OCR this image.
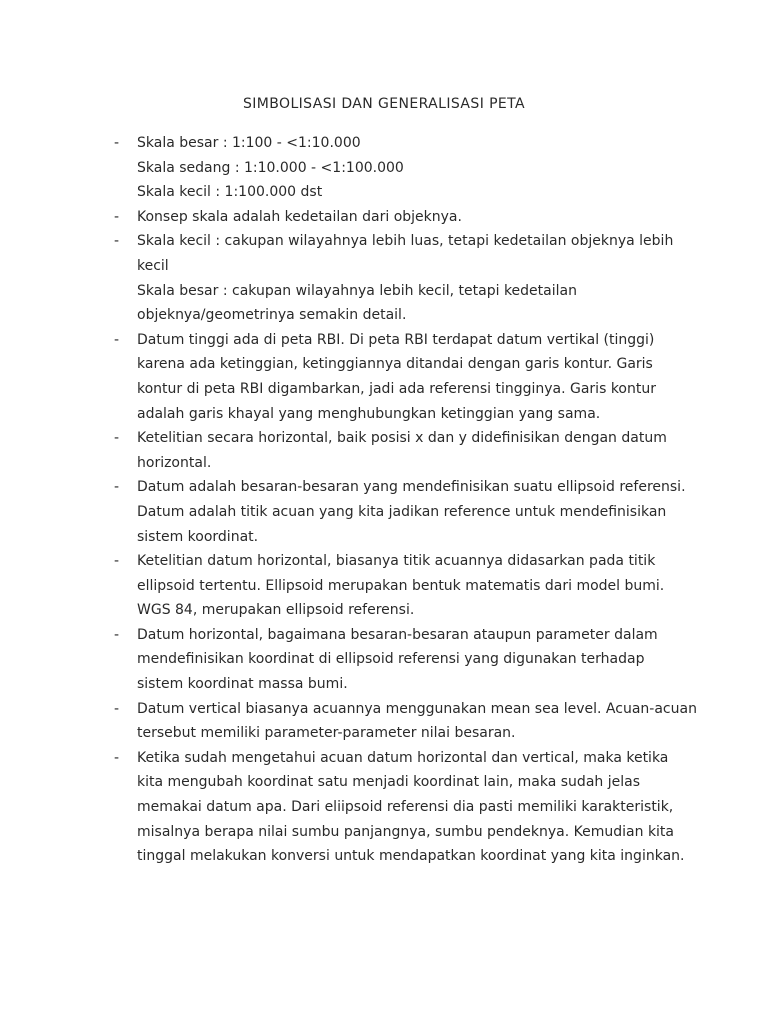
SIMBOLISASI DAN GENERALISASI PETA
- Skala besar : 1:100 - <1:10.000
Skala sedang : 1:10.000 - <1:100.000
Skala kecil : 1:100.000 dst
- Konsep skala adalah kedetailan dari objeknya.
- Skala kecil : cakupan wilayahnya lebih luas, tetapi kedetailan objeknya lebih
kecil
Skala besar : cakupan wilayahnya lebih kecil, tetapi kedetailan
objeknya/geometrinya semakin detail.
- Datum tinggi ada di peta RBI. Di peta RBI terdapat datum vertikal (tinggi)
karena ada ketinggian, ketinggiannya ditandai dengan garis kontur. Garis
kontur di peta RBI digambarkan, jadi ada referensi tingginya. Garis kontur
adalah garis khayal yang menghubungkan ketinggian yang sama.
- Ketelitian secara horizontal, baik posisi x dan y didefinisikan dengan datum
horizontal.
- Datum adalah besaran-besaran yang mendefinisikan suatu ellipsoid referensi.
Datum adalah titik acuan yang kita jadikan reference untuk mendefinisikan
sistem koordinat.
- Ketelitian datum horizontal, biasanya titik acuannya didasarkan pada titik
ellipsoid tertentu. Ellipsoid merupakan bentuk matematis dari model bumi.
WGS 84, merupakan ellipsoid referensi.
- Datum horizontal, bagaimana besaran-besaran ataupun parameter dalam
mendefinisikan koordinat di ellipsoid referensi yang digunakan terhadap
sistem koordinat massa bumi.
- Datum vertical biasanya acuannya menggunakan mean sea level. Acuan-acuan
tersebut memiliki parameter-parameter nilai besaran.
- Ketika sudah mengetahui acuan datum horizontal dan vertical, maka ketika
kita mengubah koordinat satu menjadi koordinat lain, maka sudah jelas
memakai datum apa. Dari eliipsoid referensi dia pasti memiliki karakteristik,
misalnya berapa nilai sumbu panjangnya, sumbu pendeknya. Kemudian kita
tinggal melakukan konversi untuk mendapatkan koordinat yang kita inginkan.
